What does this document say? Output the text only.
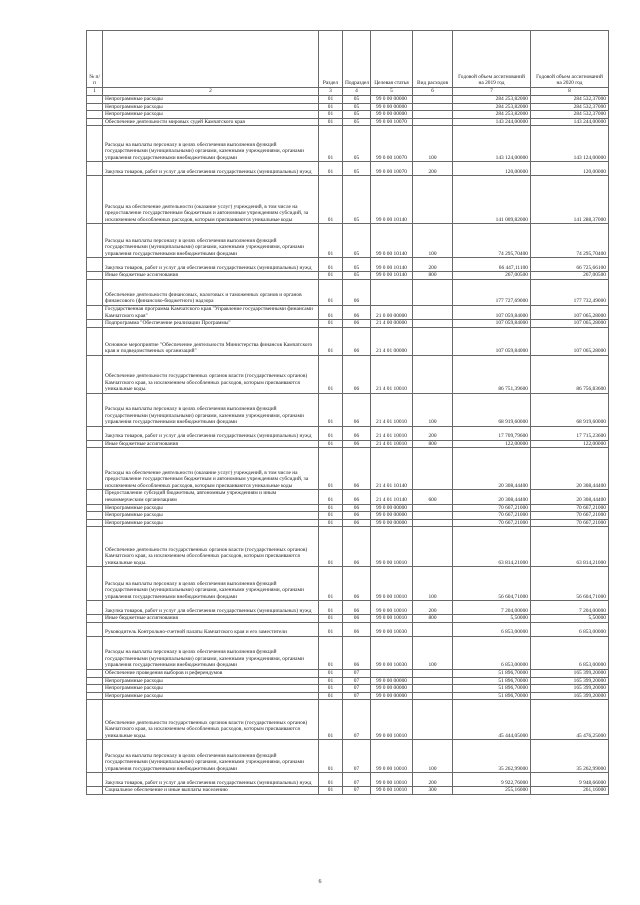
№ п/п		Раздел	Подраздел	Целевая статья	Вид расходов	Годовой объем ассигнований на 2019 год	Годовой объем ассигнований на 2020 год
1	2	3	4	5	6	7	8
	Непрограммные расходы	01	05	99 0 00 00000		284 253,82000	284 532,37000
	Непрограммные расходы	01	05	99 0 00 00000		284 253,82000	284 532,37000
	Непрограммные расходы	01	05	99 0 00 00000		284 253,82000	284 532,37000
	Обеспечение деятельности мировых судей Камчатского края	01	05	99 0 00 10070		143 244,00000	143 244,00000
	Расходы на выплаты персоналу в целях обеспечения выполнения функций государственными (муниципальными) органами, казенными учреждениями, органами управления государственными внебюджетными фондами	01	05	99 0 00 10070	100	143 124,00000	143 124,00000
	Закупка товаров, работ и услуг для обеспечения государственных (муниципальных) нужд	01	05	99 0 00 10070	200	120,00000	120,00000
	Расходы на обеспечение деятельности (оказание услуг) учреждений, в том числе на предоставление государственным бюджетным и автономным учреждениям субсидий, за исключением обособленных расходов, которым присваиваются уникальные коды	01	05	99 0 00 10140		141 009,82000	141 288,37000
	Расходы на выплаты персоналу в целях обеспечения выполнения функций государственными (муниципальными) органами, казенными учреждениями, органами управления государственными внебюджетными фондами	01	05	99 0 00 10140	100	74 295,70400	74 295,70400
	Закупка товаров, работ и услуг для обеспечения государственных (муниципальных) нужд	01	05	99 0 00 10140	200	66 447,11100	66 725,66100
	Иные бюджетные ассигнования	01	05	99 0 00 10140	800	267,00500	267,00500
	Обеспечение деятельности финансовых, налоговых и таможенных органов и органов финансового (финансово-бюджетного) надзора	01	06			177 727,69000	177 732,49000
	Государственная программа Камчатского края "Управление государственными финансами Камчатского края"	01	06	21 0 00 00000		107 059,84000	107 065,28000
	Подпрограмма "Обеспечение реализации Программы"	01	06	21 4 00 00000		107 059,84000	107 065,28000
	Основное мероприятие "Обеспечение деятельности Министерства финансов Камчатского края и подведомственных организаций"	01	06	21 4 01 00000		107 059,84000	107 065,28000
	Обеспечение деятельности государственных органов власти (государственных органов) Камчатского края, за исключением обособленных расходов, которым присваиваются уникальные коды.	01	06	21 4 01 10010		86 751,39600	86 756,83600
	Расходы на выплаты персоналу в целях обеспечения выполнения функций государственными (муниципальными) органами, казенными учреждениями, органами управления государственными внебюджетными фондами	01	06	21 4 01 10010	100	68 919,60000	68 919,60000
	Закупка товаров, работ и услуг для обеспечения государственных (муниципальных) нужд	01	06	21 4 01 10010	200	17 709,79600	17 715,23600
	Иные бюджетные ассигнования	01	06	21 4 01 10010	800	122,00000	122,00000
	Расходы на обеспечение деятельности (оказание услуг) учреждений, в том числе на предоставление государственным бюджетным и автономным учреждениям субсидий, за исключением обособленных расходов, которым присваиваются уникальные коды	01	06	21 4 01 10140		20 308,44400	20 308,44400
	Предоставление субсидий бюджетным, автономным учреждениям и иным некоммерческим организациям	01	06	21 4 01 10140	600	20 308,44400	20 308,44400
	Непрограммные расходы	01	06	99 0 00 00000		70 667,21000	70 667,21000
	Непрограммные расходы	01	06	99 0 00 00000		70 667,21000	70 667,21000
	Непрограммные расходы	01	06	99 0 00 00000		70 667,21000	70 667,21000
	Обеспечение деятельности государственных органов власти (государственных органов) Камчатского края, за исключением обособленных расходов, которым присваиваются уникальные коды.	01	06	99 0 00 10010		63 814,21000	63 814,21000
	Расходы на выплаты персоналу в целях обеспечения выполнения функций государственными (муниципальными) органами, казенными учреждениями, органами управления государственными внебюджетными фондами	01	06	99 0 00 10010	100	56 604,71000	56 604,71000
	Закупка товаров, работ и услуг для обеспечения государственных (муниципальных) нужд	01	06	99 0 00 10010	200	7 204,00000	7 204,00000
	Иные бюджетные ассигнования	01	06	99 0 00 10010	800	5,50000	5,50000
	Руководитель Контрольно-счетной палаты Камчатского края и его заместители	01	06	99 0 00 10030		6 853,00000	6 853,00000
	Расходы на выплаты персоналу в целях обеспечения выполнения функций государственными (муниципальными) органами, казенными учреждениями, органами управления государственными внебюджетными фондами	01	06	99 0 00 10030	100	6 853,00000	6 853,00000
	Обеспечение проведения выборов и референдумов	01	07			51 896,70000	165 399,20000
	Непрограммные расходы	01	07	99 0 00 00000		51 896,70000	165 399,20000
	Непрограммные расходы	01	07	99 0 00 00000		51 896,70000	165 399,20000
	Непрограммные расходы	01	07	99 0 00 00000		51 896,70000	165 399,20000
	Обеспечение деятельности государственных органов власти (государственных органов) Камчатского края, за исключением обособленных расходов, которым присваиваются уникальные коды.	01	07	99 0 00 10010		45 444,05000	45 476,25000
	Расходы на выплаты персоналу в целях обеспечения выполнения функций государственными (муниципальными) органами, казенными учреждениями, органами управления государственными внебюджетными фондами	01	07	99 0 00 10010	100	35 262,99000	35 262,99000
	Закупка товаров, работ и услуг для обеспечения государственных (муниципальных) нужд	01	07	99 0 00 10010	200	9 922,76000	9 948,66000
	Социальное обеспечение и иные выплаты населению	01	07	99 0 00 10010	300	255,16000	261,16000
6
